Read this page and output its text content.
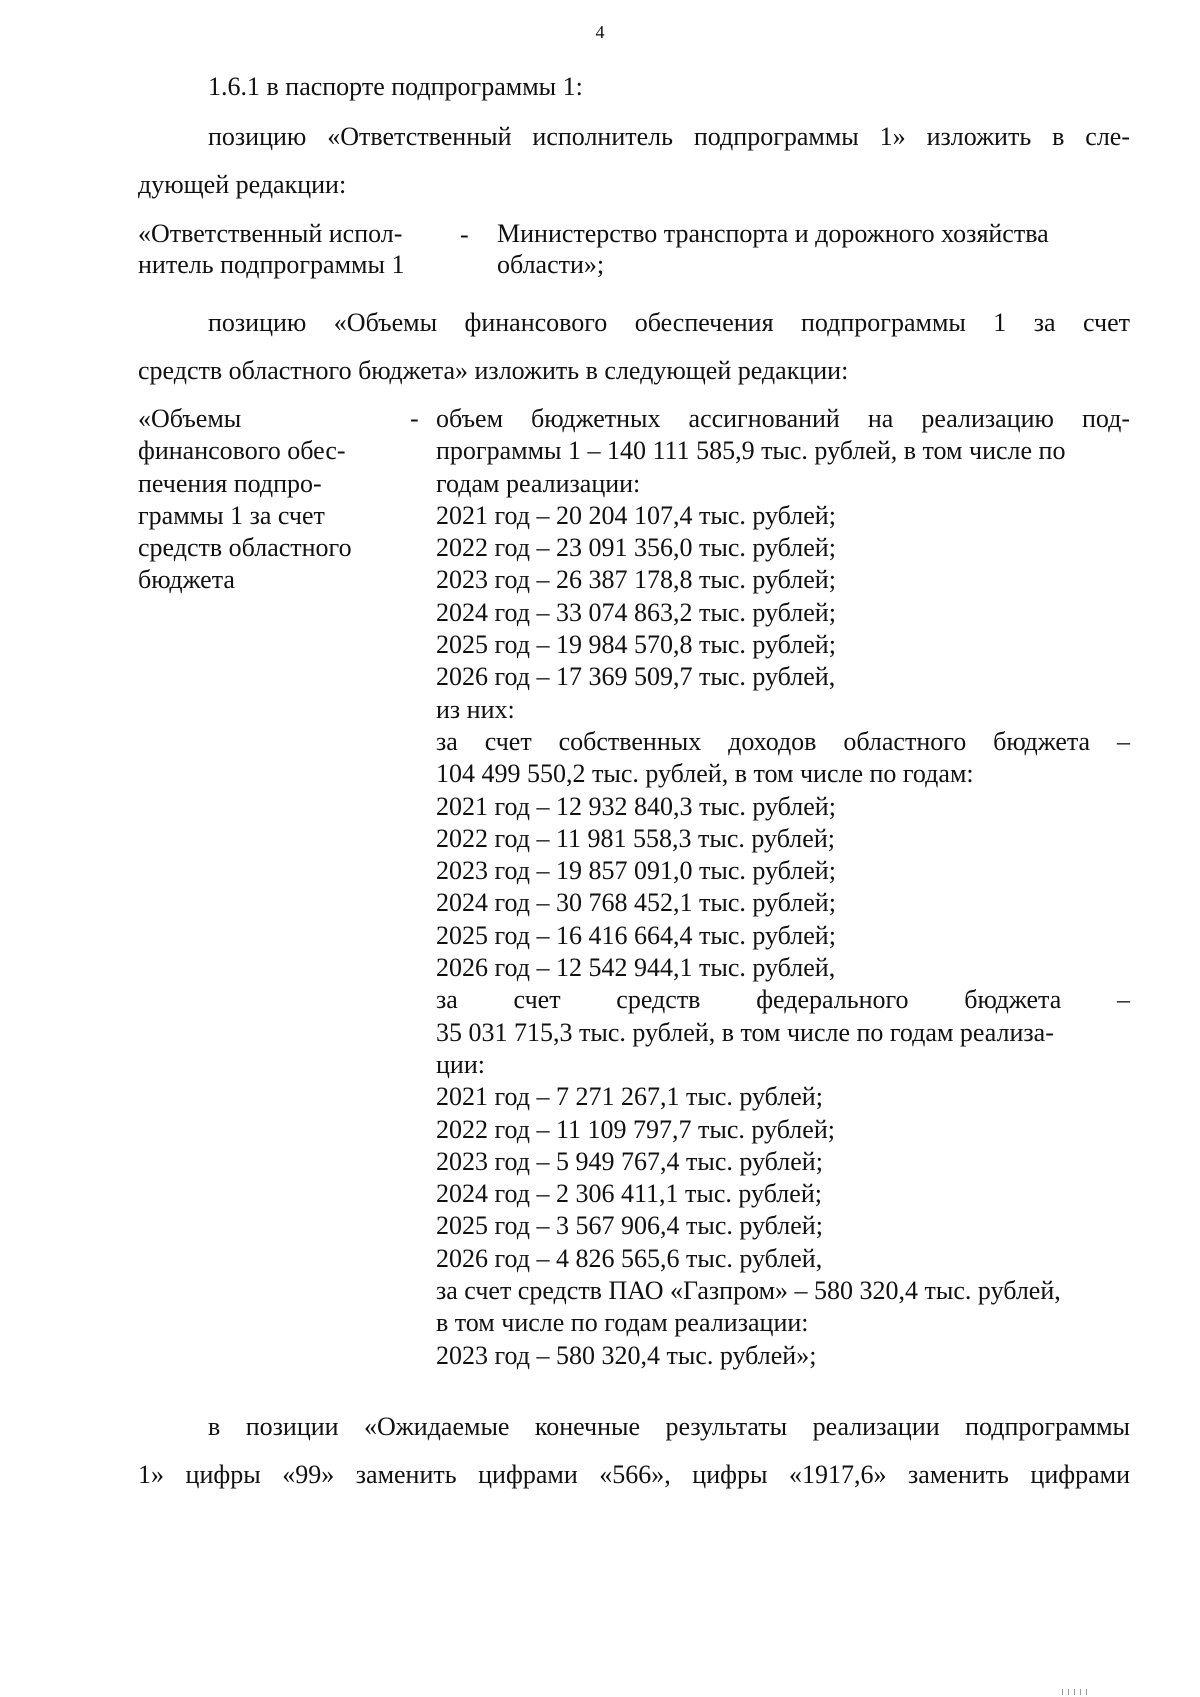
4
1.6.1 в паспорте подпрограммы 1:
позицию «Ответственный исполнитель подпрограммы 1» изложить в сле-
дующей редакции:
«Ответственный испол-
нитель подпрограммы 1
- Министерство транспорта и дорожного хозяйства
области»;
позицию «Объемы финансового обеспечения подпрограммы 1 за счет
средств областного бюджета» изложить в следующей редакции:
«Объемы
финансового обес-
печения подпро-
граммы 1 за счет
средств областного
бюджета
- объем бюджетных ассигнований на реализацию под-
программы 1 – 140 111 585,9 тыс. рублей, в том числе по
годам реализации:
2021 год – 20 204 107,4 тыс. рублей;
2022 год – 23 091 356,0 тыс. рублей;
2023 год – 26 387 178,8 тыс. рублей;
2024 год – 33 074 863,2 тыс. рублей;
2025 год – 19 984 570,8 тыс. рублей;
2026 год – 17 369 509,7 тыс. рублей,
из них:
за счет собственных доходов областного бюджета –
104 499 550,2 тыс. рублей, в том числе по годам:
2021 год – 12 932 840,3 тыс. рублей;
2022 год – 11 981 558,3 тыс. рублей;
2023 год – 19 857 091,0 тыс. рублей;
2024 год – 30 768 452,1 тыс. рублей;
2025 год – 16 416 664,4 тыс. рублей;
2026 год – 12 542 944,1 тыс. рублей,
за счет средств федерального бюджета –
35 031 715,3 тыс. рублей, в том числе по годам реализа-
ции:
2021 год – 7 271 267,1 тыс. рублей;
2022 год – 11 109 797,7 тыс. рублей;
2023 год – 5 949 767,4 тыс. рублей;
2024 год – 2 306 411,1 тыс. рублей;
2025 год – 3 567 906,4 тыс. рублей;
2026 год – 4 826 565,6 тыс. рублей,
за счет средств ПАО «Газпром» – 580 320,4 тыс. рублей,
в том числе по годам реализации:
2023 год – 580 320,4 тыс. рублей»;
в позиции «Ожидаемые конечные результаты реализации подпрограммы
1» цифры «99» заменить цифрами «566», цифры «1917,6» заменить цифрами
